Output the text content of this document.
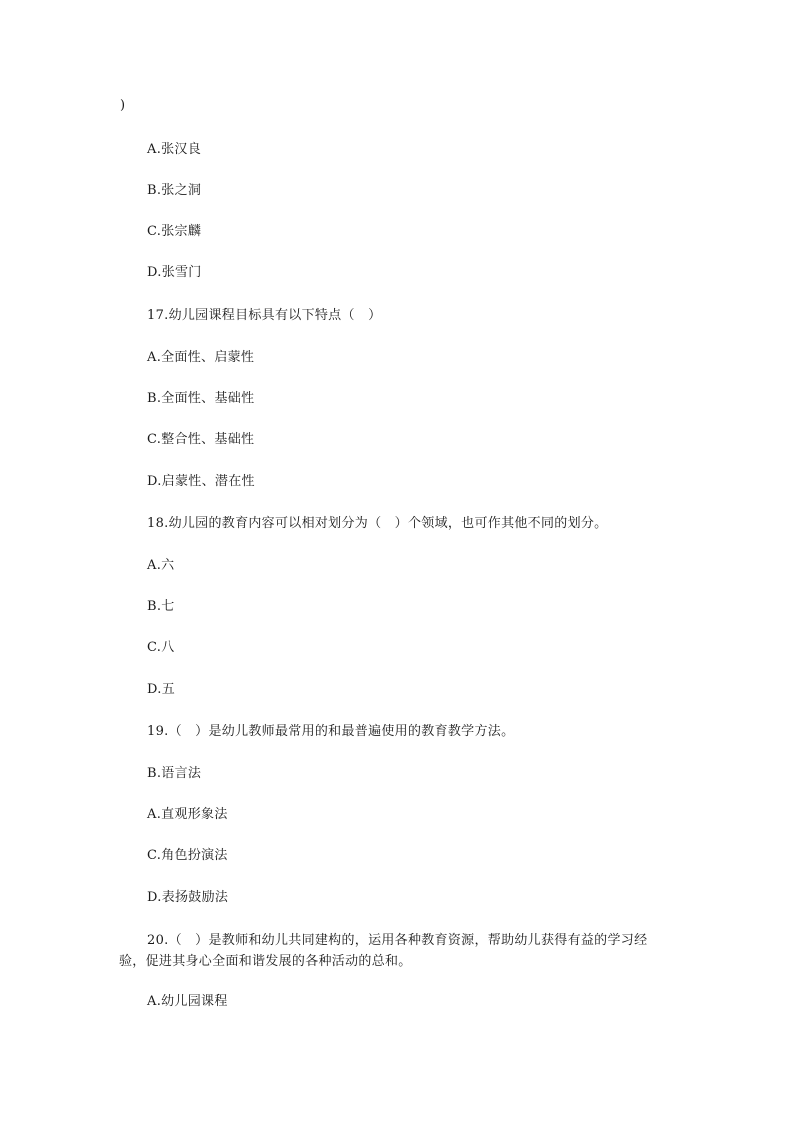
)
A.张汉良
B.张之洞
C.张宗麟
D.张雪门
17.幼儿园课程目标具有以下特点（　）
A.全面性、启蒙性
B.全面性、基础性
C.整合性、基础性
D.启蒙性、潜在性
18.幼儿园的教育内容可以相对划分为（　）个领域，也可作其他不同的划分。
A.六
B.七
C.八
D.五
19.（　）是幼儿教师最常用的和最普遍使用的教育教学方法。
B.语言法
A.直观形象法
C.角色扮演法
D.表扬鼓励法
20.（　）是教师和幼儿共同建构的，运用各种教育资源，帮助幼儿获得有益的学习经验，促进其身心全面和谐发展的各种活动的总和。
A.幼儿园课程
